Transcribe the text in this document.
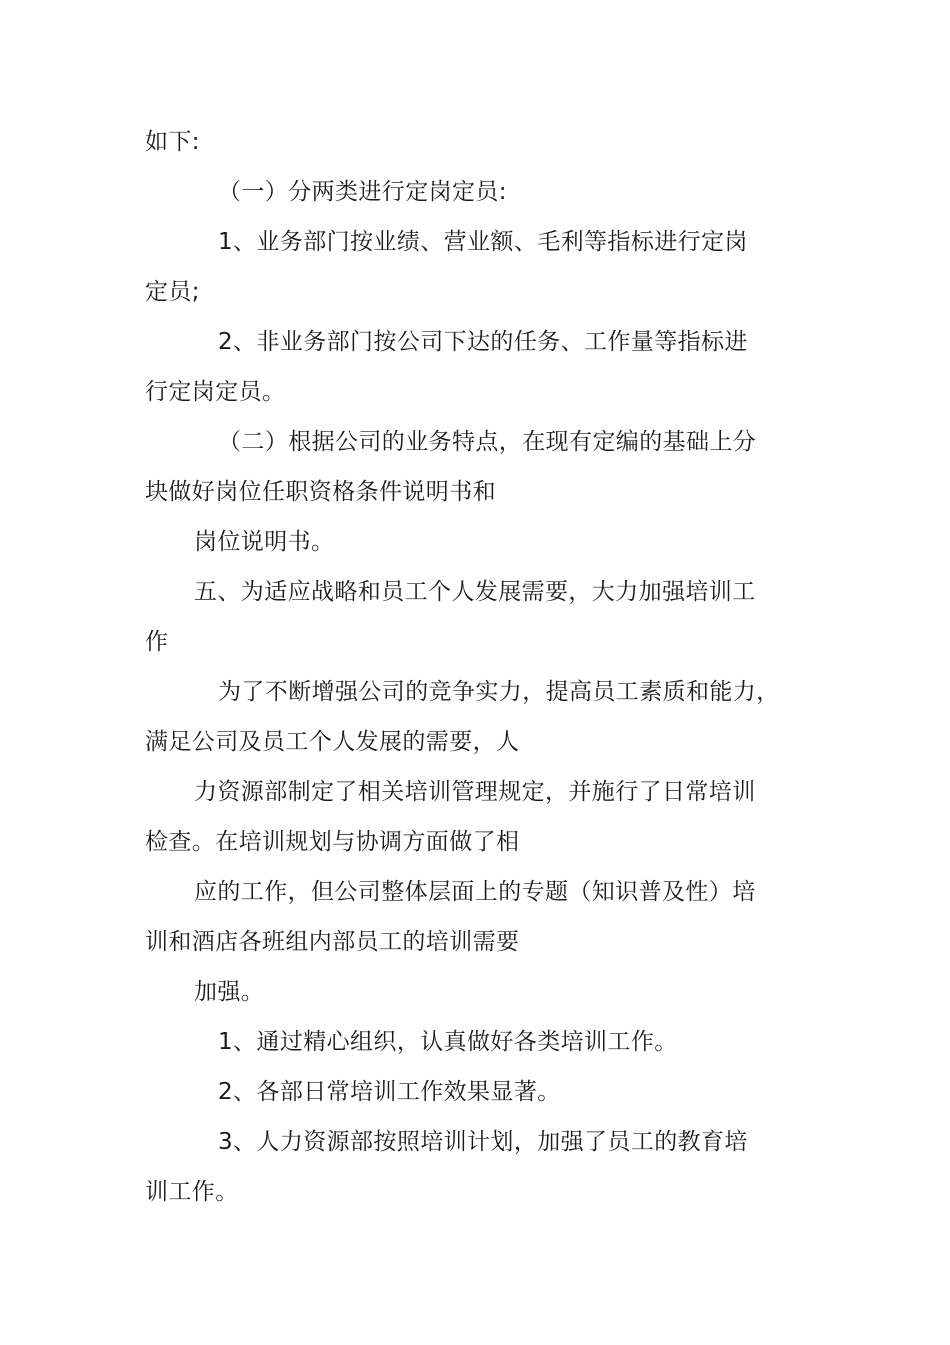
如下:

（一）分两类进行定岗定员:

1、业务部门按业绩、营业额、毛利等指标进行定岗

定员;

2、非业务部门按公司下达的任务、工作量等指标进

行定岗定员。

（二）根据公司的业务特点，在现有定编的基础上分

块做好岗位任职资格条件说明书和

岗位说明书。

五、为适应战略和员工个人发展需要，大力加强培训工

作

为了不断增强公司的竞争实力，提高员工素质和能力，

满足公司及员工个人发展的需要，人

力资源部制定了相关培训管理规定，并施行了日常培训

检查。在培训规划与协调方面做了相

应的工作，但公司整体层面上的专题（知识普及性）培

训和酒店各班组内部员工的培训需要

加强。

1、通过精心组织，认真做好各类培训工作。

2、各部日常培训工作效果显著。

3、人力资源部按照培训计划，加强了员工的教育培

训工作。
